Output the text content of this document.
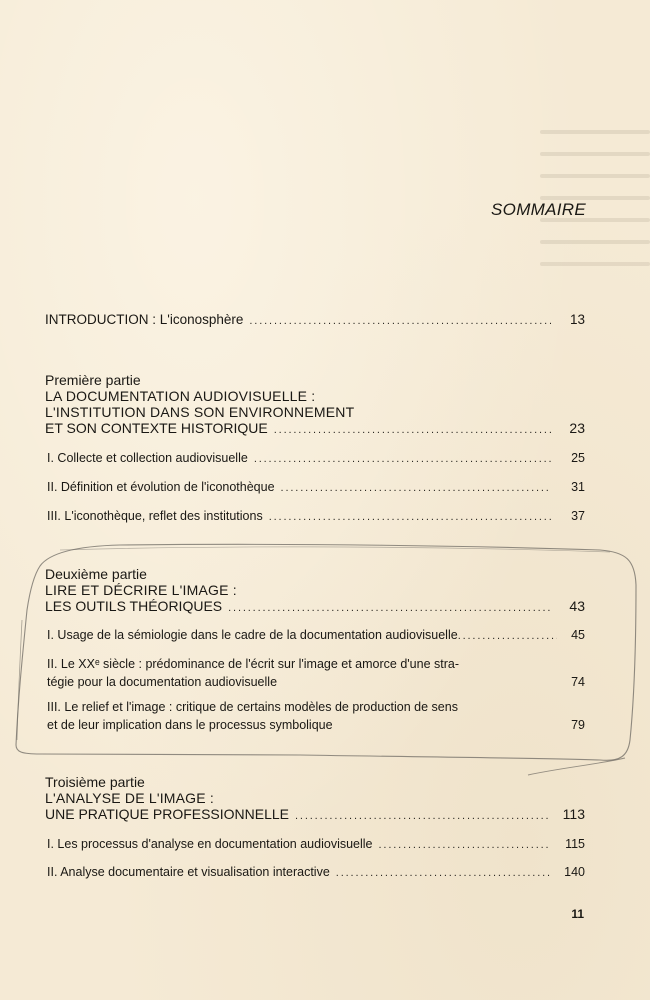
SOMMAIRE
INTRODUCTION : L'iconosphère . . .	13
Première partie
LA DOCUMENTATION AUDIOVISUELLE :
L'INSTITUTION DANS SON ENVIRONNEMENT
ET SON CONTEXTE HISTORIQUE . . .	23
I. Collecte et collection audiovisuelle . . .	25
II. Définition et évolution de l'iconothèque . . .	31
III. L'iconothèque, reflet des institutions . . .	37
Deuxième partie
LIRE ET DÉCRIRE L'IMAGE :
LES OUTILS THÉORIQUES . . .	43
I. Usage de la sémiologie dans le cadre de la documentation audiovisuelle . . .	45
II. Le XXᵉ siècle : prédominance de l'écrit sur l'image et amorce d'une stra-
tégie pour la documentation audiovisuelle	74
III. Le relief et l'image : critique de certains modèles de production de sens
et de leur implication dans le processus symbolique	79
Troisième partie
L'ANALYSE DE L'IMAGE :
UNE PRATIQUE PROFESSIONNELLE . . .	113
I. Les processus d'analyse en documentation audiovisuelle . . .	115
II. Analyse documentaire et visualisation interactive . . .	140
11
